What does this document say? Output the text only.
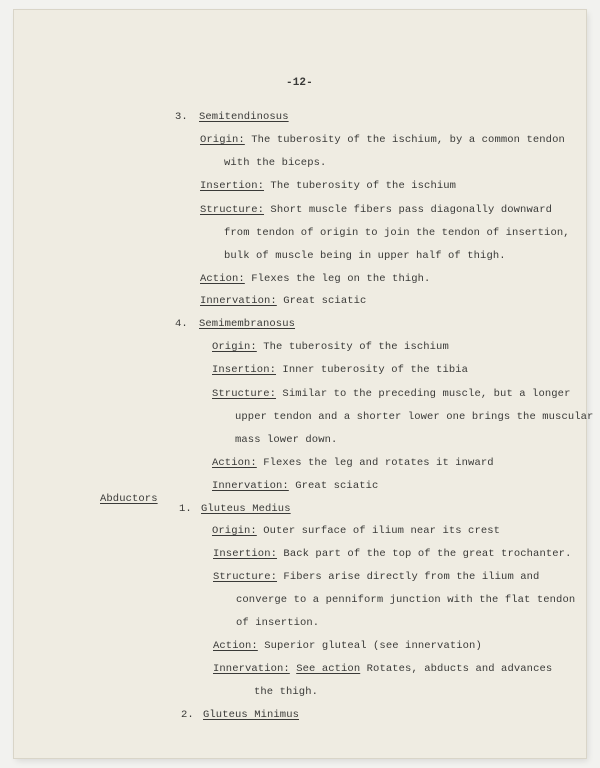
-12-
3. Semitendinosus
Origin: The tuberosity of the ischium, by a common tendon
with the biceps.
Insertion: The tuberosity of the ischium
Structure: Short muscle fibers pass diagonally downward
from tendon of origin to join the tendon of insertion,
bulk of muscle being in upper half of thigh.
Action: Flexes the leg on the thigh.
Innervation: Great sciatic
4. Semimembranosus
Origin: The tuberosity of the ischium
Insertion: Inner tuberosity of the tibia
Structure: Similar to the preceding muscle, but a longer
upper tendon and a shorter lower one brings the muscular
mass lower down.
Action: Flexes the leg and rotates it inward
Innervation: Great sciatic
Abductors
1. Gluteus Medius
Origin: Outer surface of ilium near its crest
Insertion: Back part of the top of the great trochanter.
Structure: Fibers arise directly from the ilium and
converge to a penniform junction with the flat tendon
of insertion.
Action: Superior gluteal (see innervation)
Innervation: See action Rotates, abducts and advances
the thigh.
2. Gluteus Minimus
